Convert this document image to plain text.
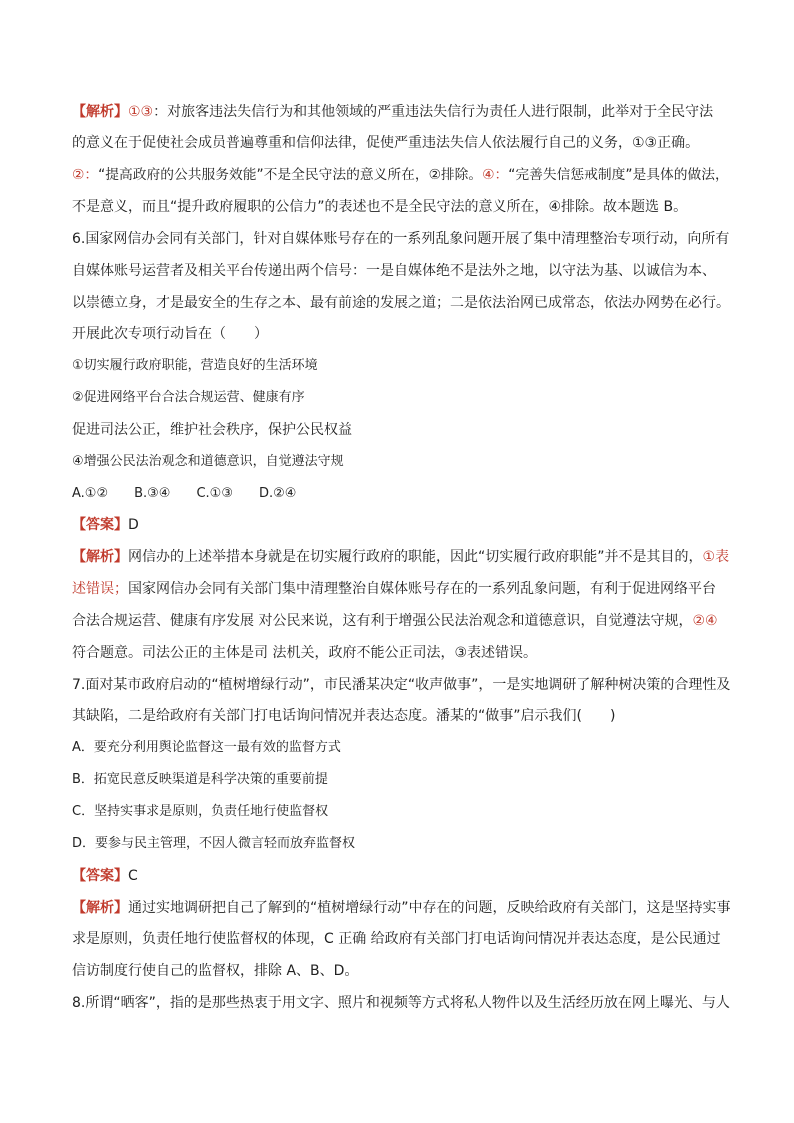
【解析】①③：对旅客违法失信行为和其他领域的严重违法失信行为责任人进行限制，此举对于全民守法
的意义在于促使社会成员普遍尊重和信仰法律，促使严重违法失信人依法履行自己的义务，①③正确。
②：“提高政府的公共服务效能”不是全民守法的意义所在，②排除。④：“完善失信惩戒制度”是具体的做法，
不是意义，而且“提升政府履职的公信力”的表述也不是全民守法的意义所在，④排除。故本题选 B。
6.国家网信办会同有关部门，针对自媒体账号存在的一系列乱象问题开展了集中清理整治专项行动，向所有
自媒体账号运营者及相关平台传递出两个信号：一是自媒体绝不是法外之地，以守法为基、以诚信为本、
以崇德立身，才是最安全的生存之本、最有前途的发展之道；二是依法治网已成常态，依法办网势在必行。
开展此次专项行动旨在（　　）
①切实履行政府职能，营造良好的生活环境
②促进网络平台合法合规运营、健康有序
促进司法公正，维护社会秩序，保护公民权益
④增强公民法治观念和道德意识，自觉遵法守规
A.①②　　B.③④　　C.①③　　D.②④
【答案】D
【解析】网信办的上述举措本身就是在切实履行政府的职能，因此“切实履行政府职能”并不是其目的，①表
述错误；国家网信办会同有关部门集中清理整治自媒体账号存在的一系列乱象问题，有利于促进网络平台
合法合规运营、健康有序发展 对公民来说，这有利于增强公民法治观念和道德意识，自觉遵法守规，②④
符合题意。司法公正的主体是司 法机关，政府不能公正司法，③表述错误。
7.面对某市政府启动的“植树增绿行动”，市民潘某决定“收声做事”，一是实地调研了解种树决策的合理性及
其缺陷，二是给政府有关部门打电话询问情况并表达态度。潘某的“做事”启示我们(　　)
A．要充分利用舆论监督这一最有效的监督方式
B．拓宽民意反映渠道是科学决策的重要前提
C．坚持实事求是原则，负责任地行使监督权
D．要参与民主管理，不因人微言轻而放弃监督权
【答案】C
【解析】通过实地调研把自己了解到的“植树增绿行动”中存在的问题，反映给政府有关部门，这是坚持实事
求是原则，负责任地行使监督权的体现，C 正确 给政府有关部门打电话询问情况并表达态度，是公民通过
信访制度行使自己的监督权，排除 A、B、D。
8.所谓“晒客”，指的是那些热衷于用文字、照片和视频等方式将私人物件以及生活经历放在网上曝光、与人
